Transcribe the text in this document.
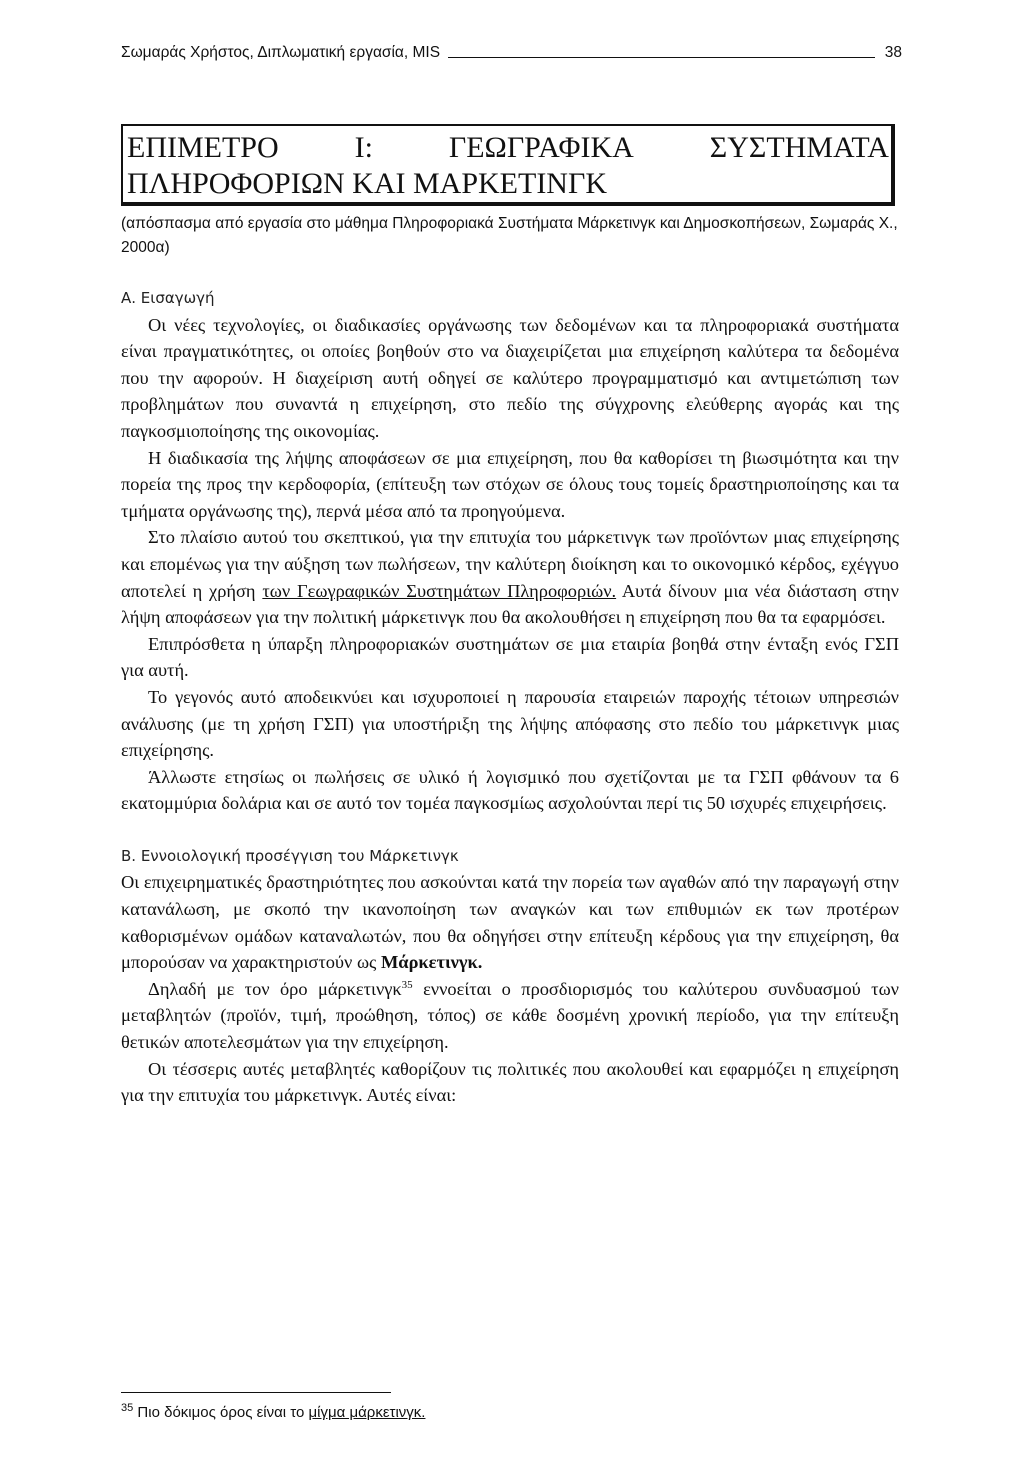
Σωμαράς Χρήστος, Διπλωματική εργασία, MIS	38
ΕΠΙΜΕΤΡΟ	Ι:	ΓΕΩΓΡΑΦΙΚΑ	ΣΥΣΤΗΜΑΤΑ
ΠΛΗΡΟΦΟΡΙΩΝ ΚΑΙ ΜΑΡΚΕΤΙΝΓΚ
(απόσπασμα από εργασία στο μάθημα Πληροφοριακά Συστήματα Μάρκετινγκ και Δημοσκοπήσεων, Σωμαράς Χ., 2000α)

Α. Εισαγωγή

Οι νέες τεχνολογίες, οι διαδικασίες οργάνωσης των δεδομένων και τα πληροφοριακά συστήματα είναι πραγματικότητες, οι οποίες βοηθούν στο να διαχειρίζεται μια επιχείρηση καλύτερα τα δεδομένα που την αφορούν. Η διαχείριση αυτή οδηγεί σε καλύτερο προγραμματισμό και αντιμετώπιση των προβλημάτων που συναντά η επιχείρηση, στο πεδίο της σύγχρονης ελεύθερης αγοράς και της παγκοσμιοποίησης της οικονομίας.

Η διαδικασία της λήψης αποφάσεων σε μια επιχείρηση, που θα καθορίσει τη βιωσιμότητα και την πορεία της προς την κερδοφορία, (επίτευξη των στόχων σε όλους τους τομείς δραστηριοποίησης και τα τμήματα οργάνωσης της), περνά μέσα από τα προηγούμενα.

Στο πλαίσιο αυτού του σκεπτικού, για την επιτυχία του μάρκετινγκ των προϊόντων μιας επιχείρησης και επομένως για την αύξηση των πωλήσεων, την καλύτερη διοίκηση και το οικονομικό κέρδος, εχέγγυο αποτελεί η χρήση των Γεωγραφικών Συστημάτων Πληροφοριών. Αυτά δίνουν μια νέα διάσταση στην λήψη αποφάσεων για την πολιτική μάρκετινγκ που θα ακολουθήσει η επιχείρηση που θα τα εφαρμόσει.

Επιπρόσθετα η ύπαρξη πληροφοριακών συστημάτων σε μια εταιρία βοηθά στην ένταξη ενός ΓΣΠ για αυτή.

Το γεγονός αυτό αποδεικνύει και ισχυροποιεί η παρουσία εταιρειών παροχής τέτοιων υπηρεσιών ανάλυσης (με τη χρήση ΓΣΠ) για υποστήριξη της λήψης απόφασης στο πεδίο του μάρκετινγκ μιας επιχείρησης.

Άλλωστε ετησίως οι πωλήσεις σε υλικό ή λογισμικό που σχετίζονται με τα ΓΣΠ φθάνουν τα 6 εκατομμύρια δολάρια και σε αυτό τον τομέα παγκοσμίως ασχολούνται περί τις 50 ισχυρές επιχειρήσεις.

Β. Εννοιολογική προσέγγιση του Μάρκετινγκ

Οι επιχειρηματικές δραστηριότητες που ασκούνται κατά την πορεία των αγαθών από την παραγωγή στην κατανάλωση, με σκοπό την ικανοποίηση των αναγκών και των επιθυμιών εκ των προτέρων καθορισμένων ομάδων καταναλωτών, που θα οδηγήσει στην επίτευξη κέρδους για την επιχείρηση, θα μπορούσαν να χαρακτηριστούν ως Μάρκετινγκ.

Δηλαδή με τον όρο μάρκετινγκ$^{35}$ εννοείται ο προσδιορισμός του καλύτερου συνδυασμού των μεταβλητών (προϊόν, τιμή, προώθηση, τόπος) σε κάθε δοσμένη χρονική περίοδο, για την επίτευξη θετικών αποτελεσμάτων για την επιχείρηση.

Οι τέσσερις αυτές μεταβλητές καθορίζουν τις πολιτικές που ακολουθεί και εφαρμόζει η επιχείρηση για την επιτυχία του μάρκετινγκ. Αυτές είναι:

$^{35}$ Πιο δόκιμος όρος είναι το μίγμα μάρκετινγκ.
